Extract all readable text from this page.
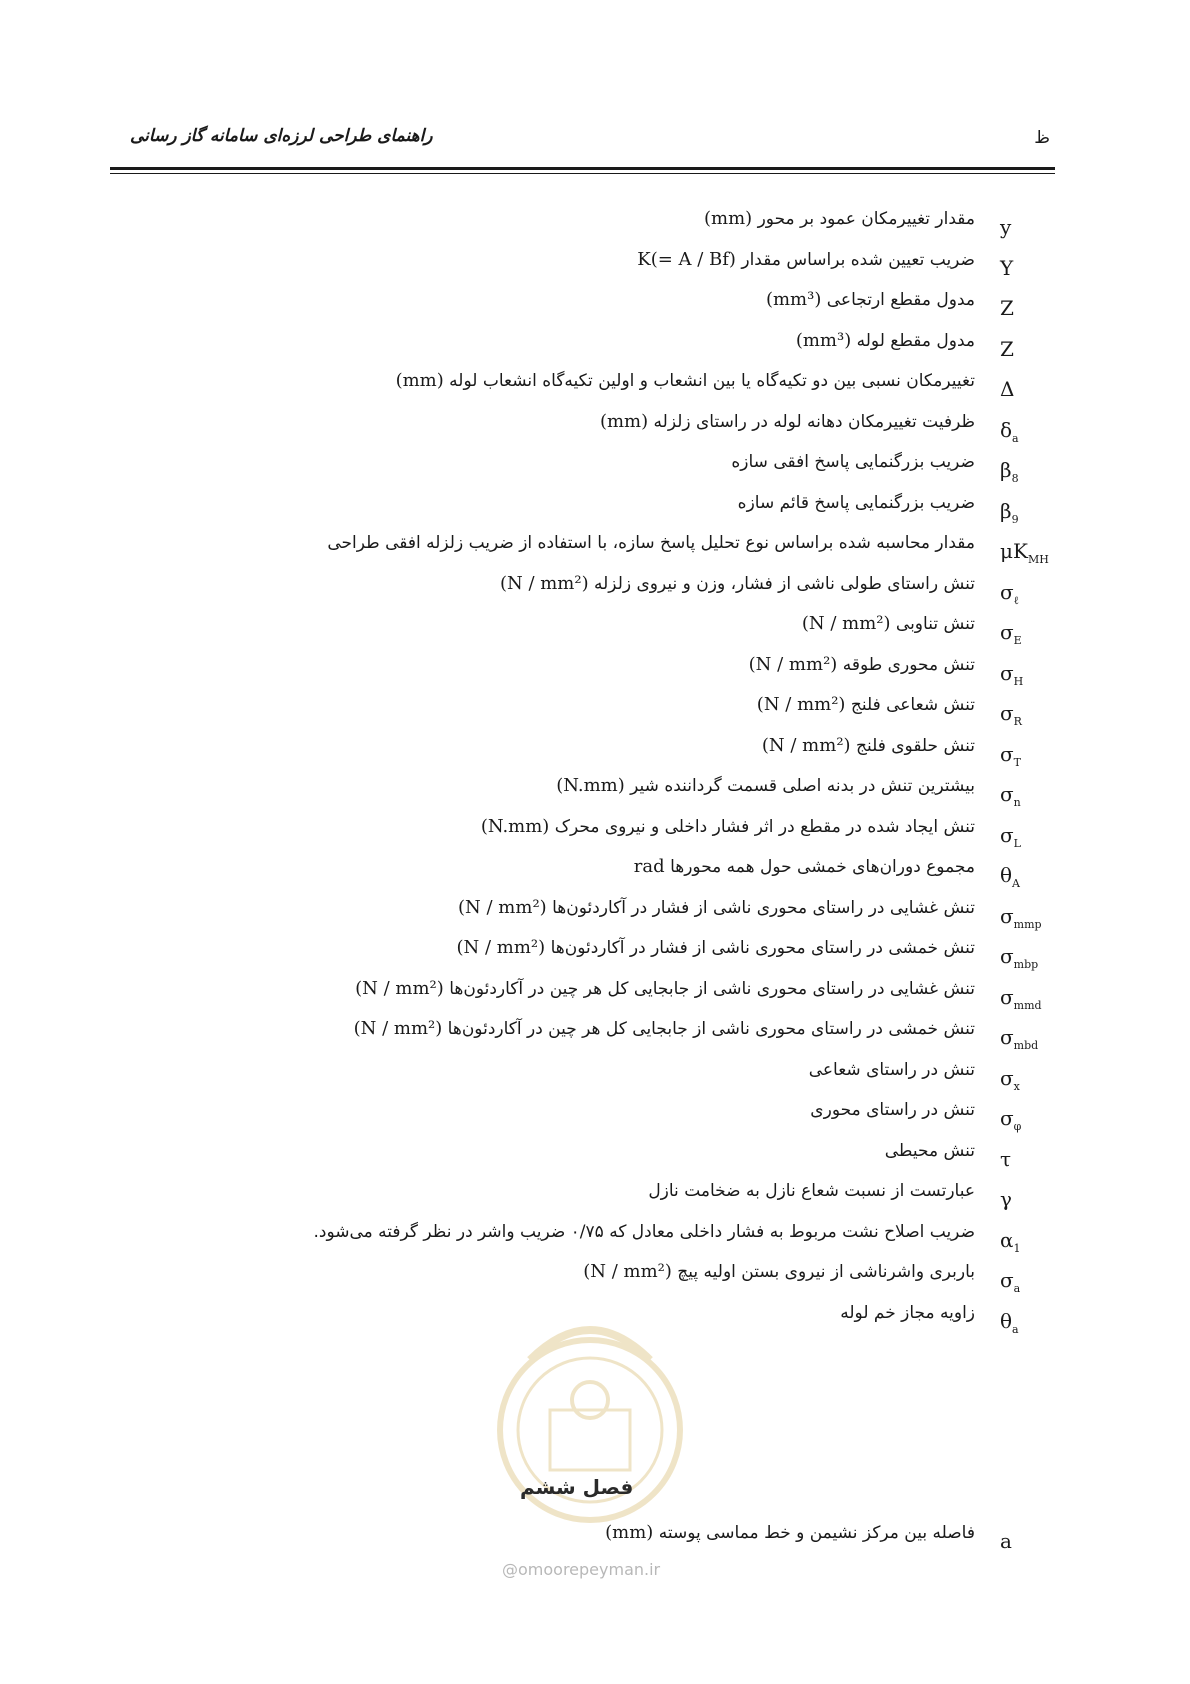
راهنمای طراحی لرزه‌ای سامانه گاز رسانی	ظ
y
مقدار تغییرمکان عمود بر محور (mm)
Y
ضریب تعیین شده براساس مقدار K(= A / Bf)
Z
مدول مقطع ارتجاعی (mm³)
Z
مدول مقطع لوله (mm³)
Δ
تغییرمکان نسبی بین دو تکیه‌گاه یا بین انشعاب و اولین تکیه‌گاه انشعاب لوله (mm)
$\delta_a$
ظرفیت تغییرمکان دهانه لوله در راستای زلزله (mm)
$\beta_8$
ضریب بزرگنمایی پاسخ افقی سازه
$\beta_9$
ضریب بزرگنمایی پاسخ قائم سازه
$\mu K_{MH}$
مقدار محاسبه شده براساس نوع تحلیل پاسخ سازه، با استفاده از ضریب زلزله افقی طراحی
$\sigma_\ell$
تنش راستای طولی ناشی از فشار، وزن و نیروی زلزله (N / mm²)
$\sigma_E$
تنش تناوبی (N / mm²)
$\sigma_H$
تنش محوری طوقه (N / mm²)
$\sigma_R$
تنش شعاعی فلنج (N / mm²)
$\sigma_T$
تنش حلقوی فلنج (N / mm²)
$\sigma_n$
بیشترین تنش در بدنه اصلی قسمت گرداننده شیر (N.mm)
$\sigma_L$
تنش ایجاد شده در مقطع در اثر فشار داخلی و نیروی محرک (N.mm)
$\theta_A$
مجموع دوران‌های خمشی حول همه محورها rad
$\sigma_{mmp}$
تنش غشایی در راستای محوری ناشی از فشار در آکاردئون‌ها (N / mm²)
$\sigma_{mbp}$
تنش خمشی در راستای محوری ناشی از فشار در آکاردئون‌ها (N / mm²)
$\sigma_{mmd}$
تنش غشایی در راستای محوری ناشی از جابجایی کل هر چین در آکاردئون‌ها (N / mm²)
$\sigma_{mbd}$
تنش خمشی در راستای محوری ناشی از جابجایی کل هر چین در آکاردئون‌ها (N / mm²)
$\sigma_x$
تنش در راستای شعاعی
$\sigma_\varphi$
تنش در راستای محوری
τ
تنش محیطی
γ
عبارتست از نسبت شعاع نازل به ضخامت نازل
$\alpha_1$
ضریب اصلاح نشت مربوط به فشار داخلی معادل که ۰/۷۵ ضریب واشر در نظر گرفته می‌شود.
$\sigma_a$
باربری واشرناشی از نیروی بستن اولیه پیچ (N / mm²)
$\theta_a$
زاویه مجاز خم لوله
a
فاصله بین مرکز نشیمن و خط مماسی پوسته (mm)
فصل ششم
@omoorepeyman.ir
